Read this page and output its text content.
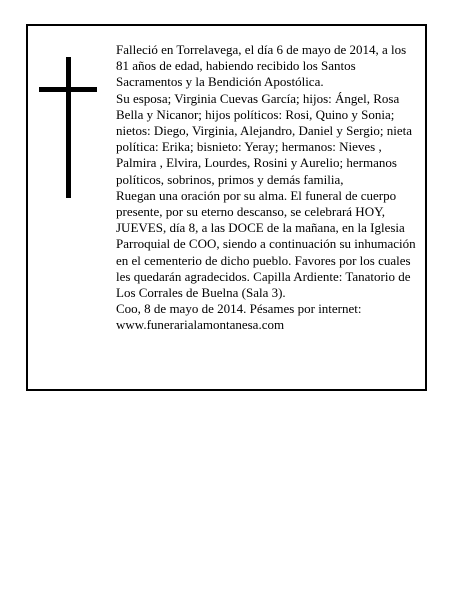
Falleció en Torrelavega, el día 6 de mayo de 2014, a los 81 años de edad, habiendo recibido los Santos Sacramentos y la Bendición Apostólica.

Su esposa; Virginia Cuevas García; hijos: Ángel, Rosa Bella y Nicanor; hijos políticos: Rosi, Quino y Sonia; nietos: Diego, Virginia, Alejandro, Daniel y Sergio; nieta política: Erika; bisnieto: Yeray; hermanos: Nieves , Palmira , Elvira, Lourdes, Rosini y Aurelio; hermanos políticos, sobrinos, primos y demás familia,

Ruegan una oración por su alma. El funeral de cuerpo presente, por su eterno descanso, se celebrará HOY, JUEVES, día 8, a las DOCE de la mañana, en la Iglesia Parroquial de COO, siendo a continuación su inhumación en el cementerio de dicho pueblo. Favores por los cuales les quedarán agradecidos. Capilla Ardiente: Tanatorio de Los Corrales de Buelna (Sala 3).

Coo, 8 de mayo de 2014. Pésames por internet: www.funerarialamontanesa.com
